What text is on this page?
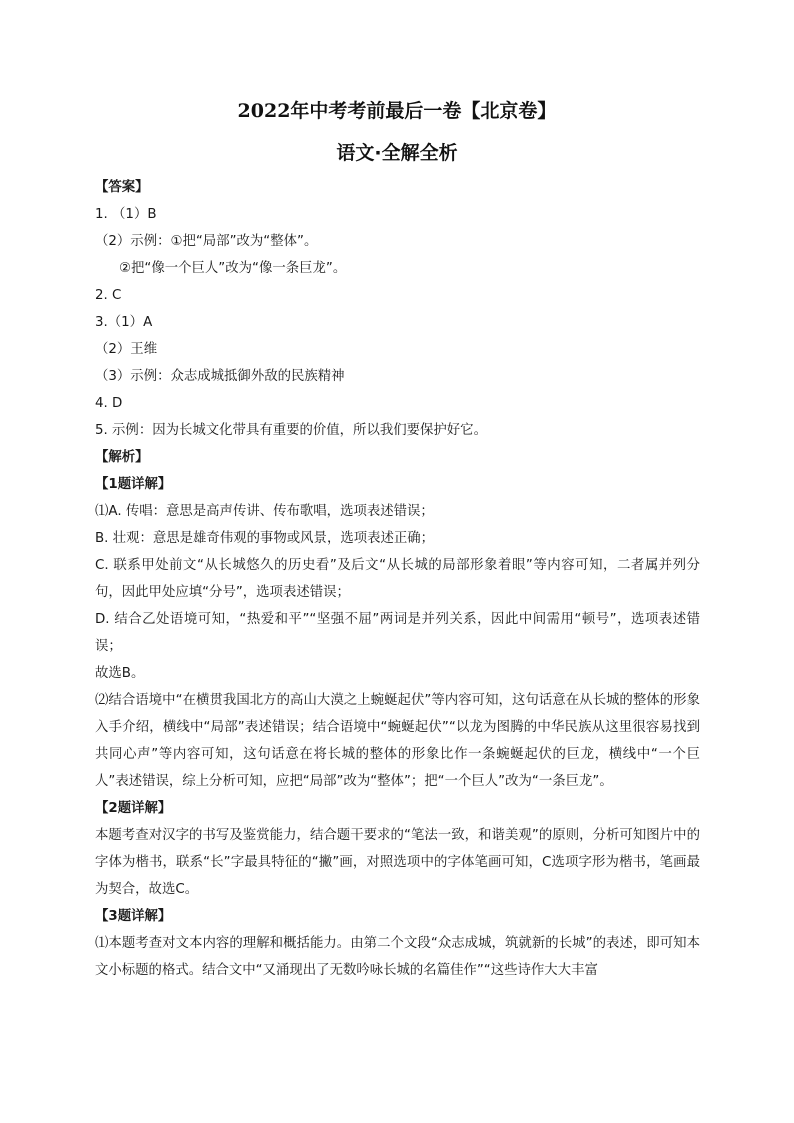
2022年中考考前最后一卷【北京卷】
语文·全解全析

【答案】

1. （1）B

（2）示例：①把“局部”改为“整体”。

②把“像一个巨人”改为“像一条巨龙”。

2. C

3.（1）A

（2）王维

（3）示例：众志成城抵御外敌的民族精神

4. D

5. 示例：因为长城文化带具有重要的价值，所以我们要保护好它。

【解析】

【1题详解】

⑴A. 传唱：意思是高声传讲、传布歌唱，选项表述错误；

B. 壮观：意思是雄奇伟观的事物或风景，选项表述正确；

C. 联系甲处前文“从长城悠久的历史看”及后文“从长城的局部形象着眼”等内容可知，二者属并列分句，因此甲处应填“分号”，选项表述错误；

D. 结合乙处语境可知，“热爱和平”“坚强不屈”两词是并列关系，因此中间需用“顿号”，选项表述错误；

故选B。

⑵结合语境中“在横贯我国北方的高山大漠之上蜿蜒起伏”等内容可知，这句话意在从长城的整体的形象入手介绍，横线中“局部”表述错误；结合语境中“蜿蜒起伏”“以龙为图腾的中华民族从这里很容易找到共同心声”等内容可知，这句话意在将长城的整体的形象比作一条蜿蜒起伏的巨龙，横线中“一个巨人”表述错误，综上分析可知，应把“局部”改为“整体”；把“一个巨人”改为“一条巨龙”。

【2题详解】

本题考查对汉字的书写及鉴赏能力，结合题干要求的“笔法一致，和谐美观”的原则，分析可知图片中的字体为楷书，联系“长”字最具特征的“撇”画，对照选项中的字体笔画可知，C选项字形为楷书，笔画最为契合，故选C。

【3题详解】

⑴本题考查对文本内容的理解和概括能力。由第二个文段“众志成城，筑就新的长城”的表述，即可知本文小标题的格式。结合文中“又涌现出了无数吟咏长城的名篇佳作”“这些诗作大大丰富
